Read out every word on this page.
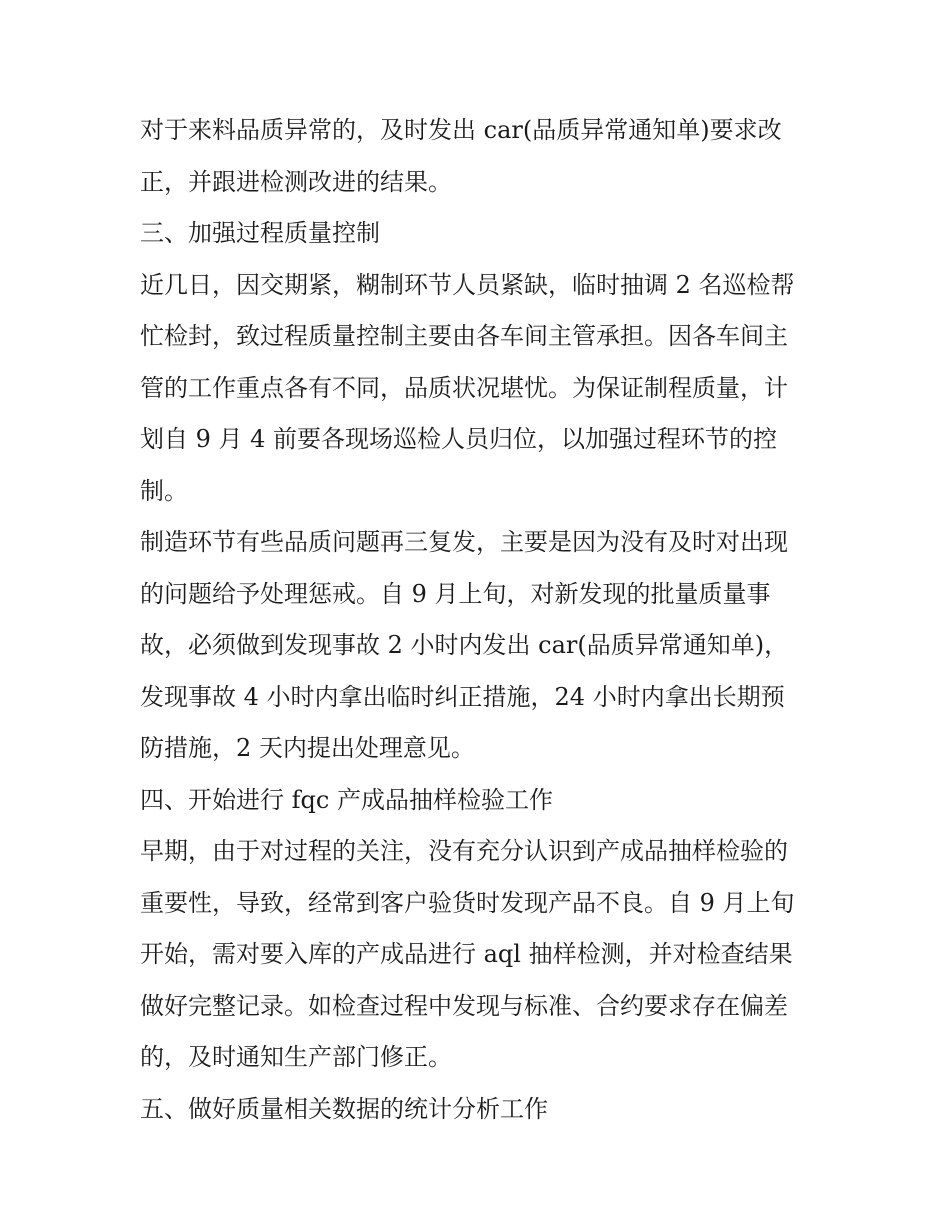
对于来料品质异常的，及时发出 car(品质异常通知单)要求改
正，并跟进检测改进的结果。
三、加强过程质量控制
近几日，因交期紧，糊制环节人员紧缺，临时抽调 2 名巡检帮
忙检封，致过程质量控制主要由各车间主管承担。因各车间主
管的工作重点各有不同，品质状况堪忧。为保证制程质量，计
划自 9 月 4 前要各现场巡检人员归位，以加强过程环节的控
制。
制造环节有些品质问题再三复发，主要是因为没有及时对出现
的问题给予处理惩戒。自 9 月上旬，对新发现的批量质量事
故，必须做到发现事故 2 小时内发出 car(品质异常通知单)，
发现事故 4 小时内拿出临时纠正措施，24 小时内拿出长期预
防措施，2 天内提出处理意见。
四、开始进行 fqc 产成品抽样检验工作
早期，由于对过程的关注，没有充分认识到产成品抽样检验的
重要性，导致，经常到客户验货时发现产品不良。自 9 月上旬
开始，需对要入库的产成品进行 aql 抽样检测，并对检查结果
做好完整记录。如检查过程中发现与标准、合约要求存在偏差
的，及时通知生产部门修正。
五、做好质量相关数据的统计分析工作
